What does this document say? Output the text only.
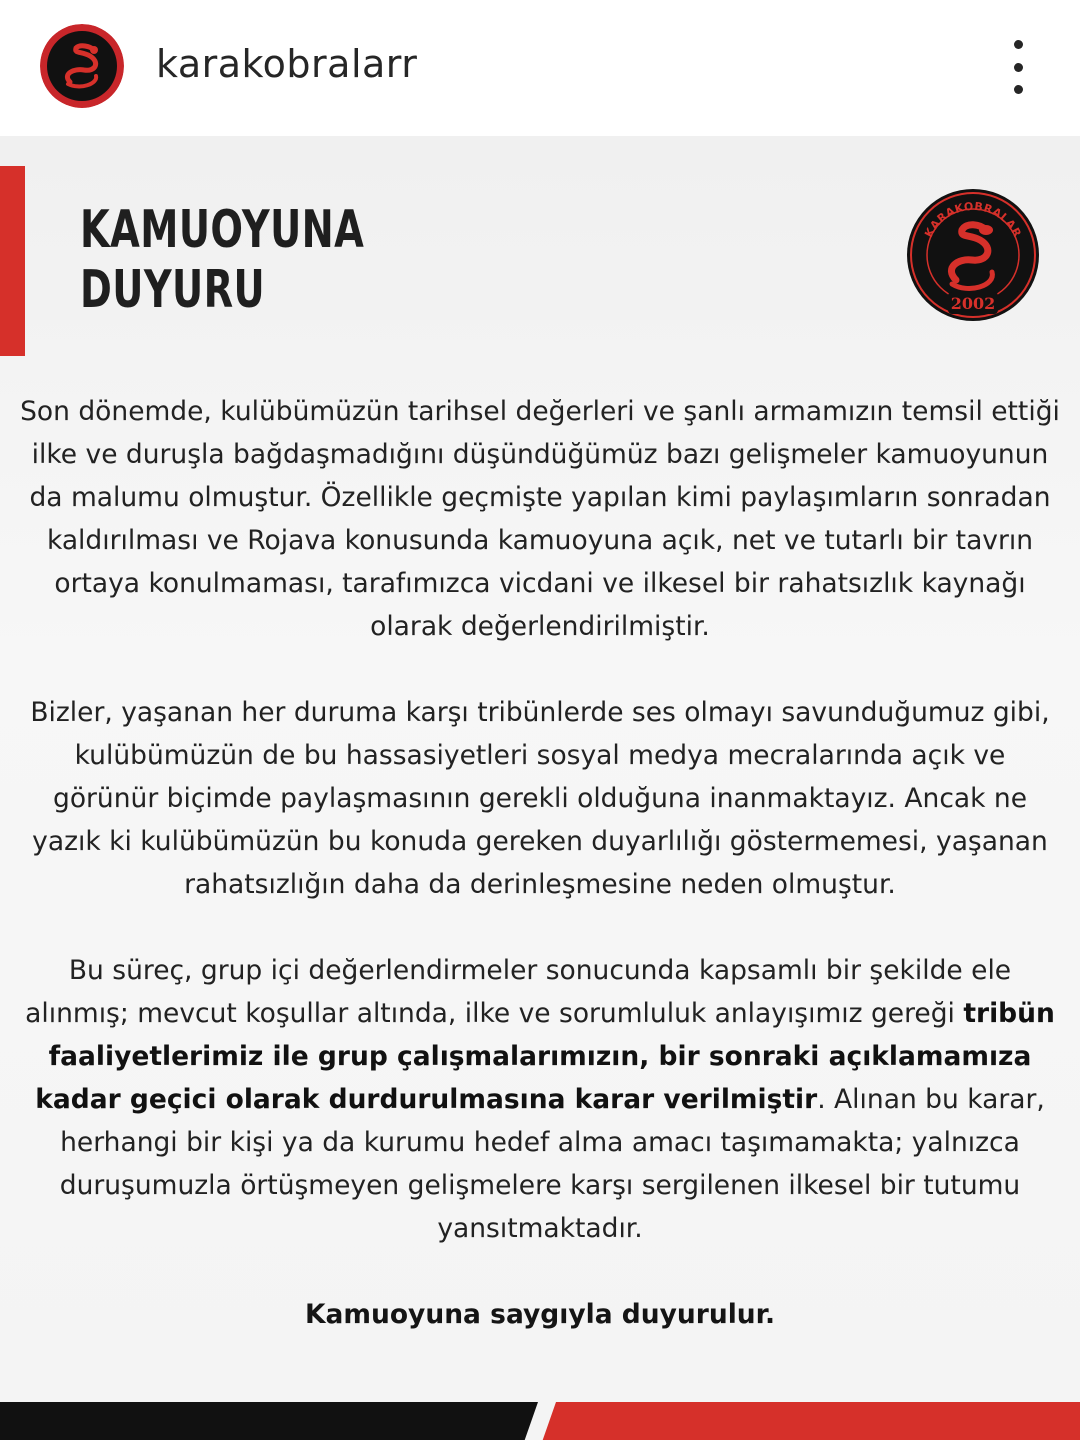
karakobralarr
KAMUOYUNA
DUYURU
KARAKOBRALAR
2002

Son dönemde, kulübümüzün tarihsel değerleri ve şanlı armamızın temsil ettiği ilke ve duruşla bağdaşmadığını düşündüğümüz bazı gelişmeler kamuoyunun da malumu olmuştur. Özellikle geçmişte yapılan kimi paylaşımların sonradan kaldırılması ve Rojava konusunda kamuoyuna açık, net ve tutarlı bir tavrın ortaya konulmaması, tarafımızca vicdani ve ilkesel bir rahatsızlık kaynağı olarak değerlendirilmiştir.

Bizler, yaşanan her duruma karşı tribünlerde ses olmayı savunduğumuz gibi, kulübümüzün de bu hassasiyetleri sosyal medya mecralarında açık ve görünür biçimde paylaşmasının gerekli olduğuna inanmaktayız. Ancak ne yazık ki kulübümüzün bu konuda gereken duyarlılığı göstermemesi, yaşanan rahatsızlığın daha da derinleşmesine neden olmuştur.

Bu süreç, grup içi değerlendirmeler sonucunda kapsamlı bir şekilde ele alınmış; mevcut koşullar altında, ilke ve sorumluluk anlayışımız gereği tribün faaliyetlerimiz ile grup çalışmalarımızın, bir sonraki açıklamamıza kadar geçici olarak durdurulmasına karar verilmiştir. Alınan bu karar, herhangi bir kişi ya da kurumu hedef alma amacı taşımamakta; yalnızca duruşumuzla örtüşmeyen gelişmelere karşı sergilenen ilkesel bir tutumu yansıtmaktadır.

Kamuoyuna saygıyla duyurulur.
